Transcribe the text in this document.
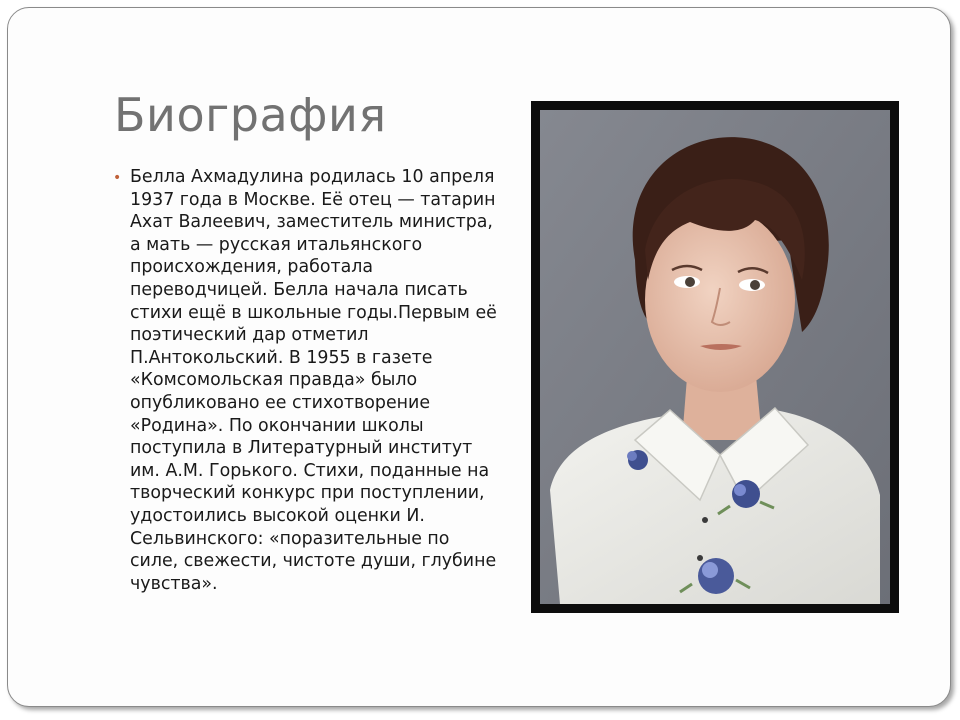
Биография
• Белла Ахмадулина родилась 10 апреля 1937 года в Москве. Её отец — татарин Ахат Валеевич, заместитель министра, а мать — русская итальянского происхождения, работала переводчицей. Белла начала писать стихи ещё в школьные годы.Первым её поэтический дар отметил П.Антокольский. В 1955 в газете «Комсомольская правда» было опубликовано ее стихотворение «Родина». По окончании школы поступила в Литературный институт им. А.М. Горького. Стихи, поданные на творческий конкурс при поступлении, удостоились высокой оценки И. Сельвинского: «поразительные по силе, свежести, чистоте души, глубине чувства».
